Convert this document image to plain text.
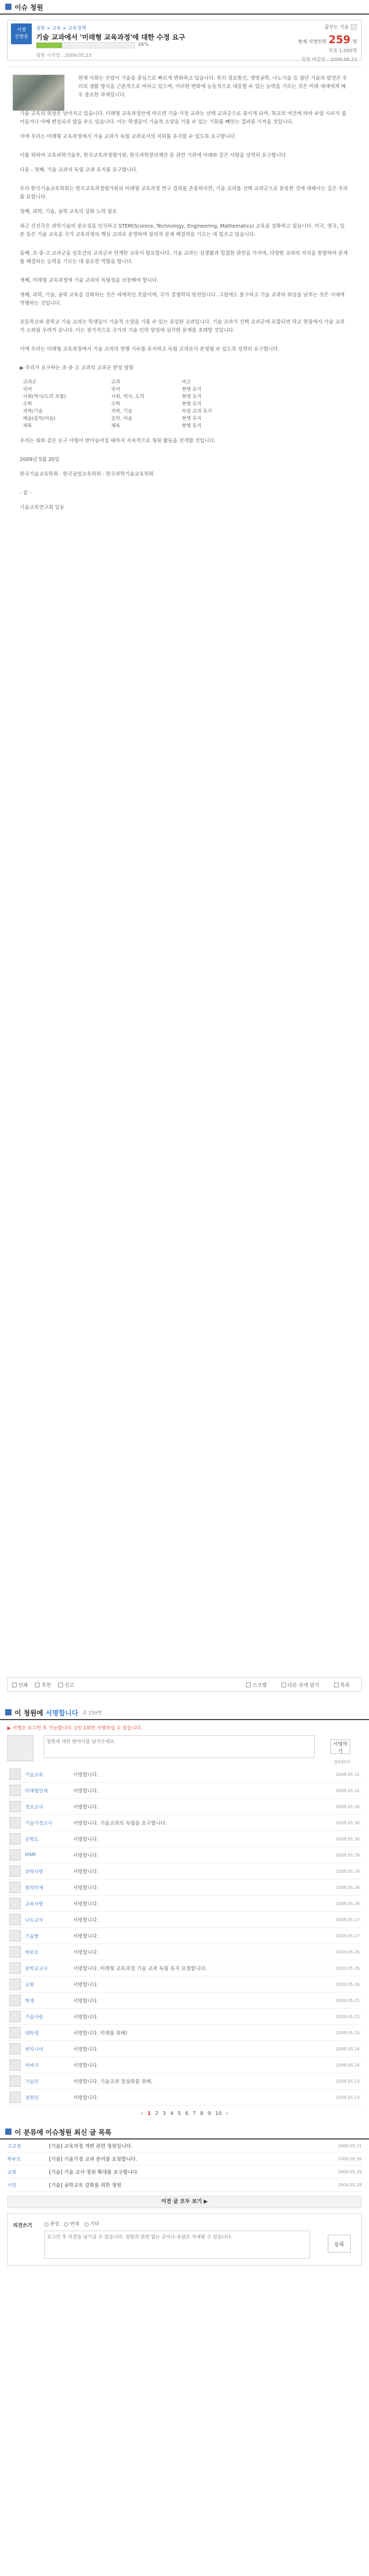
이슈 청원
서명
진행중
청원 > 교육 > 교육정책
기술 교과에서 '미래형 교육과정'에 대한 수정 요구
26%
청원 시작일 : 2009.05.23
꿈꾸는 기술
현재 서명인원 259 명
목표 1,000명
청원 마감일 : 2009.06.23

현재 사회는 산업이 기술을 중심으로 빠르게 변화하고 있습니다. 특히 정보통신, 생명공학, 나노기술 등 첨단 기술의 발전은 우리의 생활 방식을 근본적으로 바꾸고 있으며, 이러한 변화에 능동적으로 대응할 수 있는 능력을 기르는 것은 미래 세대에게 매우 중요한 과제입니다.

기술 교육의 위상은 낮아지고 있습니다. 미래형 교육과정안에 따르면 기술·가정 교과는 선택 교과군으로 묶이게 되며, 학교의 여건에 따라 수업 시수가 줄어들거나 아예 편성되지 않을 수도 있습니다. 이는 학생들이 기술적 소양을 기를 수 있는 기회를 빼앗는 결과를 가져올 것입니다.

이에 우리는 미래형 교육과정에서 기술 교과가 독립 교과로서의 지위를 유지할 수 있도록 요구합니다.

이를 위하여 교육과학기술부, 한국교육과정평가원, 한국과학창의재단 등 관련 기관에 아래와 같은 사항을 강력히 요구합니다.

다음 - 첫째, 기술 교과의 독립 교과 유지를 요구합니다.

우리 한국기술교육학회는 한국교육과정평가원의 미래형 교육과정 연구 결과를 존중하지만, 기술 교과를 선택 교과군으로 분류한 것에 대해서는 깊은 우려를 표합니다.

첫째, 과학, 기술, 공학 교육의 강화 노력 필요

최근 선진국은 과학기술의 중요성을 인식하고 STEM(Science, Technology, Engineering, Mathematics) 교육을 강화하고 있습니다. 미국, 영국, 일본 등은 기술 교육을 국가 교육과정의 핵심 교과로 운영하며 창의적 문제 해결력을 기르는 데 힘쓰고 있습니다.

둘째, 초·중·고 교과군을 상호간의 교과군과 연계한 교육이 필요합니다. 기술 교과는 실생활과 밀접한 관련을 가지며, 다양한 교과의 지식을 통합하여 문제를 해결하는 능력을 기르는 데 중요한 역할을 합니다.

셋째, 미래형 교육과정에 기술 교과의 독립성을 보장해야 합니다.

셋째, 과학, 기술, 공학 교육을 강화하는 것은 세계적인 흐름이며, 국가 경쟁력의 원천입니다. 그럼에도 불구하고 기술 교과의 위상을 낮추는 것은 시대에 역행하는 것입니다.

초등학교와 중학교 기술 교과는 학생들이 기술적 소양을 기를 수 있는 유일한 교과입니다. 기술 교과가 선택 교과군에 포함되면 학교 현장에서 기술 교과가 소외될 우려가 큽니다. 이는 장기적으로 국가의 기술 인력 양성에 심각한 문제를 초래할 것입니다.

이에 우리는 미래형 교육과정에서 기술 교과의 현행 시수를 유지하고 독립 교과로서 운영될 수 있도록 강력히 요구합니다.

▶ 우리가 요구하는 초·중·고 교과의 교과군 편성 방향

교과군	교과	비고
국어	국어	현행 유지
사회(역사/도덕 포함)	사회, 역사, 도덕	현행 유지
수학	수학	현행 유지
과학/기술	과학, 기술	독립 교과 유지
예술(음악/미술)	음악, 미술	현행 유지
체육	체육	현행 유지

우리는 위와 같은 요구 사항이 받아들여질 때까지 지속적으로 청원 활동을 전개할 것입니다.

2009년 5월 20일

한국기술교육학회 · 한국공업교육학회 · 한국과학기술교육학회

- 끝 -

기술교육연구회 일동

인쇄	추천	신고	스크랩	다른 곳에 담기	목록
이 청원에 서명합니다 총 259명
▶ 서명은 로그인 후 가능합니다. 1인 1회만 서명하실 수 있습니다.
청원에 대한 한마디를 남겨주세요.
서명하기
0/100자
기술교육	서명합니다.	2009.05.31
미래형인재	서명합니다.	2009.05.31
정보교사	서명합니다.	2009.05.30
기술가정교사	서명합니다. 기술교과의 독립을 요구합니다.	2009.05.30
공학도	서명합니다.	2009.05.30
HSM	서명합니다.	2009.05.29
과학사랑	서명합니다.	2009.05.29
창의인재	서명합니다.	2009.05.28
교육사랑	서명합니다.	2009.05.28
나도교사	서명합니다.	2009.05.27
기술짱	서명합니다.	2009.05.27
학부모	서명합니다.	2009.05.26
중학교교사	서명합니다. 미래형 교육과정 기술 교과 독립 유지 요청합니다.	2009.05.26
교원	서명합니다.	2009.05.26
학생	서명합니다.	2009.05.25
기술사랑	서명합니다.	2009.05.25
대학생	서명합니다. 미래를 위해!	2009.05.25
엔지니어	서명합니다.	2009.05.24
아버지	서명합니다.	2009.05.24
기술인	서명합니다. 기술교과 정상화를 위해.	2009.05.23
청원인	서명합니다.	2009.05.23
‹ 1 2 3 4 5 6 7 8 9 10 ›
이 분류에 이슈청원 최신 글 목록
고교생	[기술] 교육과정 개편 관련 청원입니다.	2009.05.31
학부모	[기술] 기술가정 교과 분리를 요청합니다.	2009.05.30
교원	[기술] 기술 교사 정원 확대를 요구합니다.	2009.05.29
시민	[기술] 공학교육 강화를 위한 청원	2009.05.28
이전 글 모두 보기 ▶
의견쓰기	찬성	반대	기타
로그인 후 의견을 남기실 수 있습니다. 청원과 관련 없는 글이나 욕설은 삭제될 수 있습니다.
등록
